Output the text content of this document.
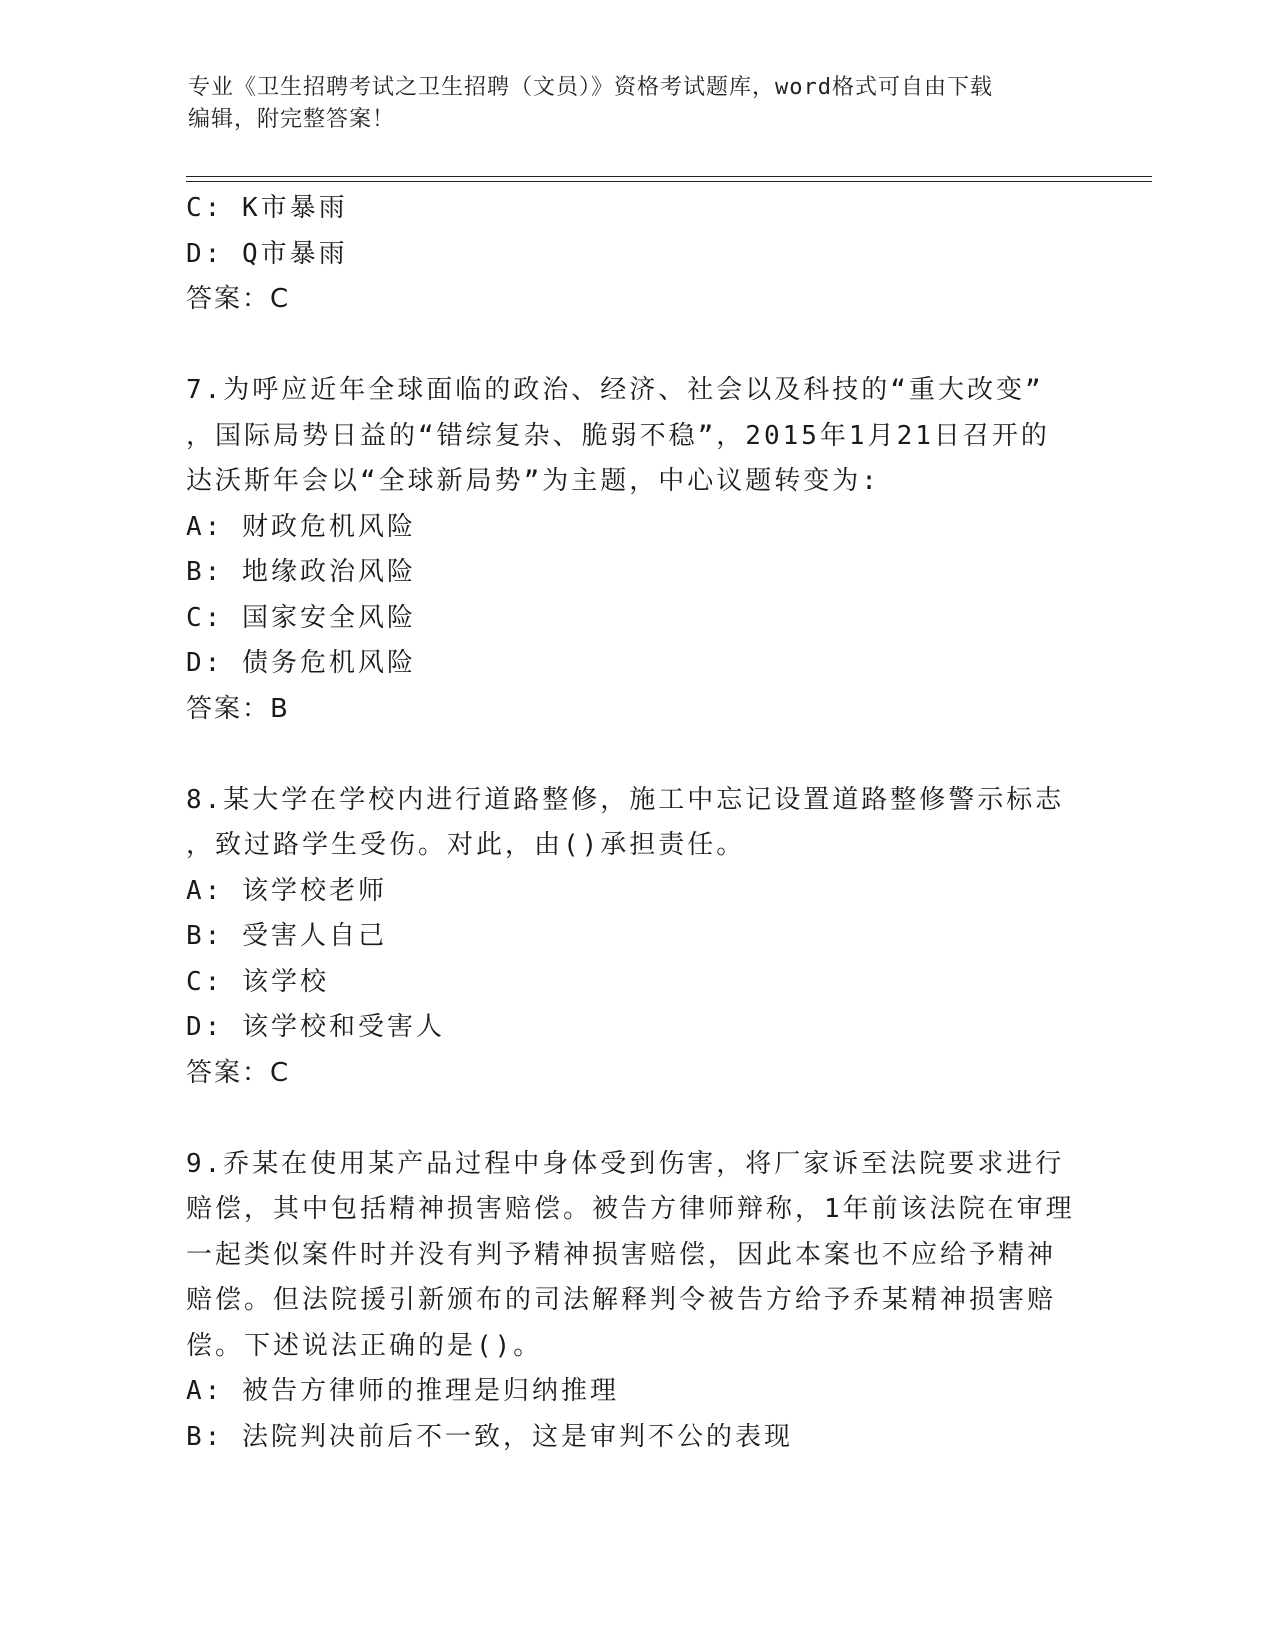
专业《卫生招聘考试之卫生招聘（文员）》资格考试题库，word格式可自由下载
编辑，附完整答案！
C: K市暴雨
D: Q市暴雨
答案：C
7.为呼应近年全球面临的政治、经济、社会以及科技的“重大改变”
，国际局势日益的“错综复杂、脆弱不稳”，2015年1月21日召开的
达沃斯年会以“全球新局势”为主题，中心议题转变为:
A: 财政危机风险
B: 地缘政治风险
C: 国家安全风险
D: 债务危机风险
答案：B
8.某大学在学校内进行道路整修，施工中忘记设置道路整修警示标志
，致过路学生受伤。对此，由()承担责任。
A: 该学校老师
B: 受害人自己
C: 该学校
D: 该学校和受害人
答案：C
9.乔某在使用某产品过程中身体受到伤害，将厂家诉至法院要求进行
赔偿，其中包括精神损害赔偿。被告方律师辩称，1年前该法院在审理
一起类似案件时并没有判予精神损害赔偿，因此本案也不应给予精神
赔偿。但法院援引新颁布的司法解释判令被告方给予乔某精神损害赔
偿。下述说法正确的是()。
A: 被告方律师的推理是归纳推理
B: 法院判决前后不一致，这是审判不公的表现
